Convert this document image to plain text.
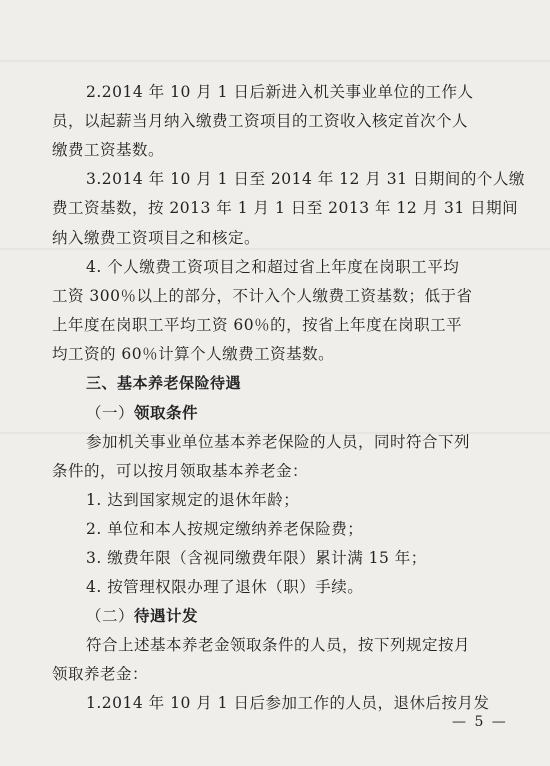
2.2014 年 10 月 1 日后新进入机关事业单位的工作人
员，以起薪当月纳入缴费工资项目的工资收入核定首次个人
缴费工资基数。
3.2014 年 10 月 1 日至 2014 年 12 月 31 日期间的个人缴
费工资基数，按 2013 年 1 月 1 日至 2013 年 12 月 31 日期间
纳入缴费工资项目之和核定。
4. 个人缴费工资项目之和超过省上年度在岗职工平均
工资 300％以上的部分，不计入个人缴费工资基数；低于省
上年度在岗职工平均工资 60％的，按省上年度在岗职工平
均工资的 60％计算个人缴费工资基数。
三、基本养老保险待遇
（一）领取条件
参加机关事业单位基本养老保险的人员，同时符合下列
条件的，可以按月领取基本养老金：
1. 达到国家规定的退休年龄；
2. 单位和本人按规定缴纳养老保险费；
3. 缴费年限（含视同缴费年限）累计满 15 年；
4. 按管理权限办理了退休（职）手续。
（二）待遇计发
符合上述基本养老金领取条件的人员，按下列规定按月
领取养老金：
1.2014 年 10 月 1 日后参加工作的人员，退休后按月发
— 5 —
